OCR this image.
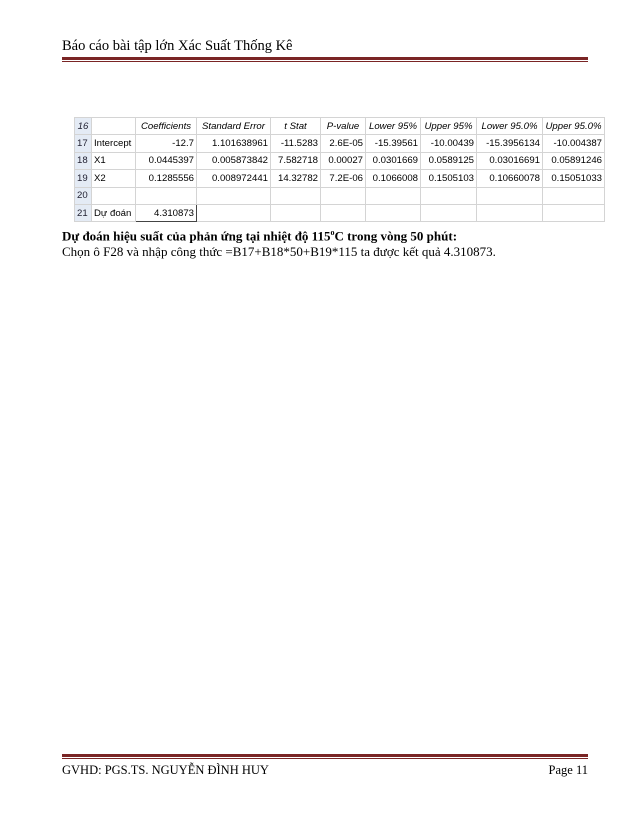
Báo cáo bài tập lớn Xác Suất Thống Kê
16		Coefficients	Standard Error	t Stat	P-value	Lower 95%	Upper 95%	Lower 95.0%	Upper 95.0%
17	Intercept	-12.7	1.101638961	-11.5283	2.6E-05	-15.39561	-10.00439	-15.3956134	-10.004387
18	X1	0.0445397	0.005873842	7.582718	0.00027	0.0301669	0.0589125	0.03016691	0.05891246
19	X2	0.1285556	0.008972441	14.32782	7.2E-06	0.1066008	0.1505103	0.10660078	0.15051033
20									
21	Dự đoán	4.310873							
Dự đoán hiệu suất của phản ứng tại nhiệt độ 115$^o$C trong vòng 50 phút:
Chọn ô F28 và nhập công thức =B17+B18*50+B19*115 ta được kết quả 4.310873.
GVHD: PGS.TS. NGUYỄN ĐÌNH HUY	Page 11
